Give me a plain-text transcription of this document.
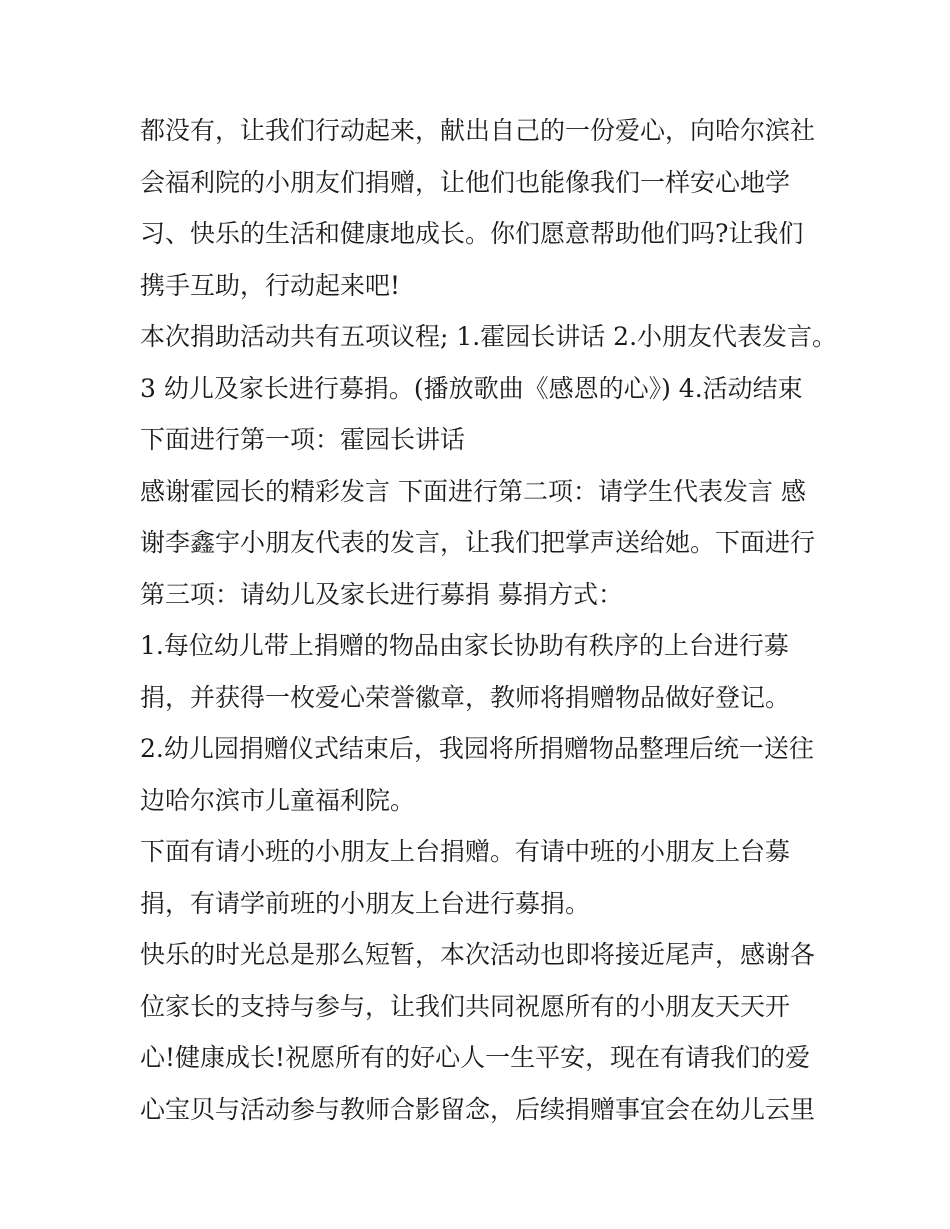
都没有，让我们行动起来，献出自己的一份爱心，向哈尔滨社
会福利院的小朋友们捐赠，让他们也能像我们一样安心地学
习、快乐的生活和健康地成长。你们愿意帮助他们吗?让我们
携手互助，行动起来吧!
本次捐助活动共有五项议程; 1.霍园长讲话 2.小朋友代表发言。
3 幼儿及家长进行募捐。(播放歌曲《感恩的心》) 4.活动结束
下面进行第一项：霍园长讲话
感谢霍园长的精彩发言 下面进行第二项：请学生代表发言 感
谢李鑫宇小朋友代表的发言，让我们把掌声送给她。下面进行
第三项：请幼儿及家长进行募捐 募捐方式：
1.每位幼儿带上捐赠的物品由家长协助有秩序的上台进行募
捐，并获得一枚爱心荣誉徽章，教师将捐赠物品做好登记。
2.幼儿园捐赠仪式结束后，我园将所捐赠物品整理后统一送往
边哈尔滨市儿童福利院。
下面有请小班的小朋友上台捐赠。有请中班的小朋友上台募
捐，有请学前班的小朋友上台进行募捐。
快乐的时光总是那么短暂，本次活动也即将接近尾声，感谢各
位家长的支持与参与，让我们共同祝愿所有的小朋友天天开
心!健康成长!祝愿所有的好心人一生平安，现在有请我们的爱
心宝贝与活动参与教师合影留念，后续捐赠事宜会在幼儿云里
